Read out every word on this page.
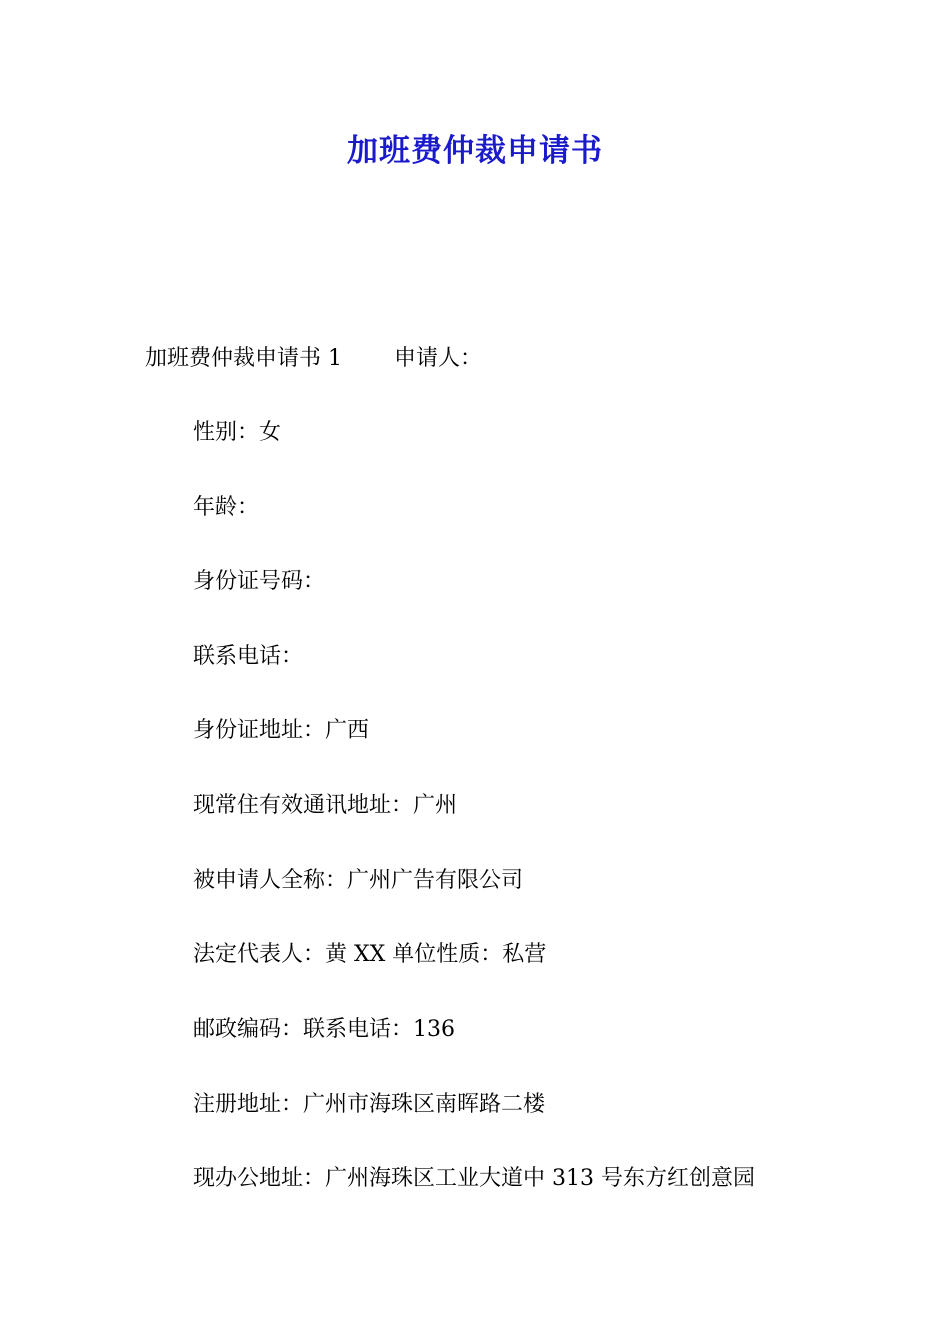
加班费仲裁申请书
加班费仲裁申请书 1 申请人：
性别：女
年龄：
身份证号码：
联系电话：
身份证地址：广西
现常住有效通讯地址：广州
被申请人全称：广州广告有限公司
法定代表人：黄 XX 单位性质：私营
邮政编码：联系电话：136
注册地址：广州市海珠区南晖路二楼
现办公地址：广州海珠区工业大道中 313 号东方红创意园
